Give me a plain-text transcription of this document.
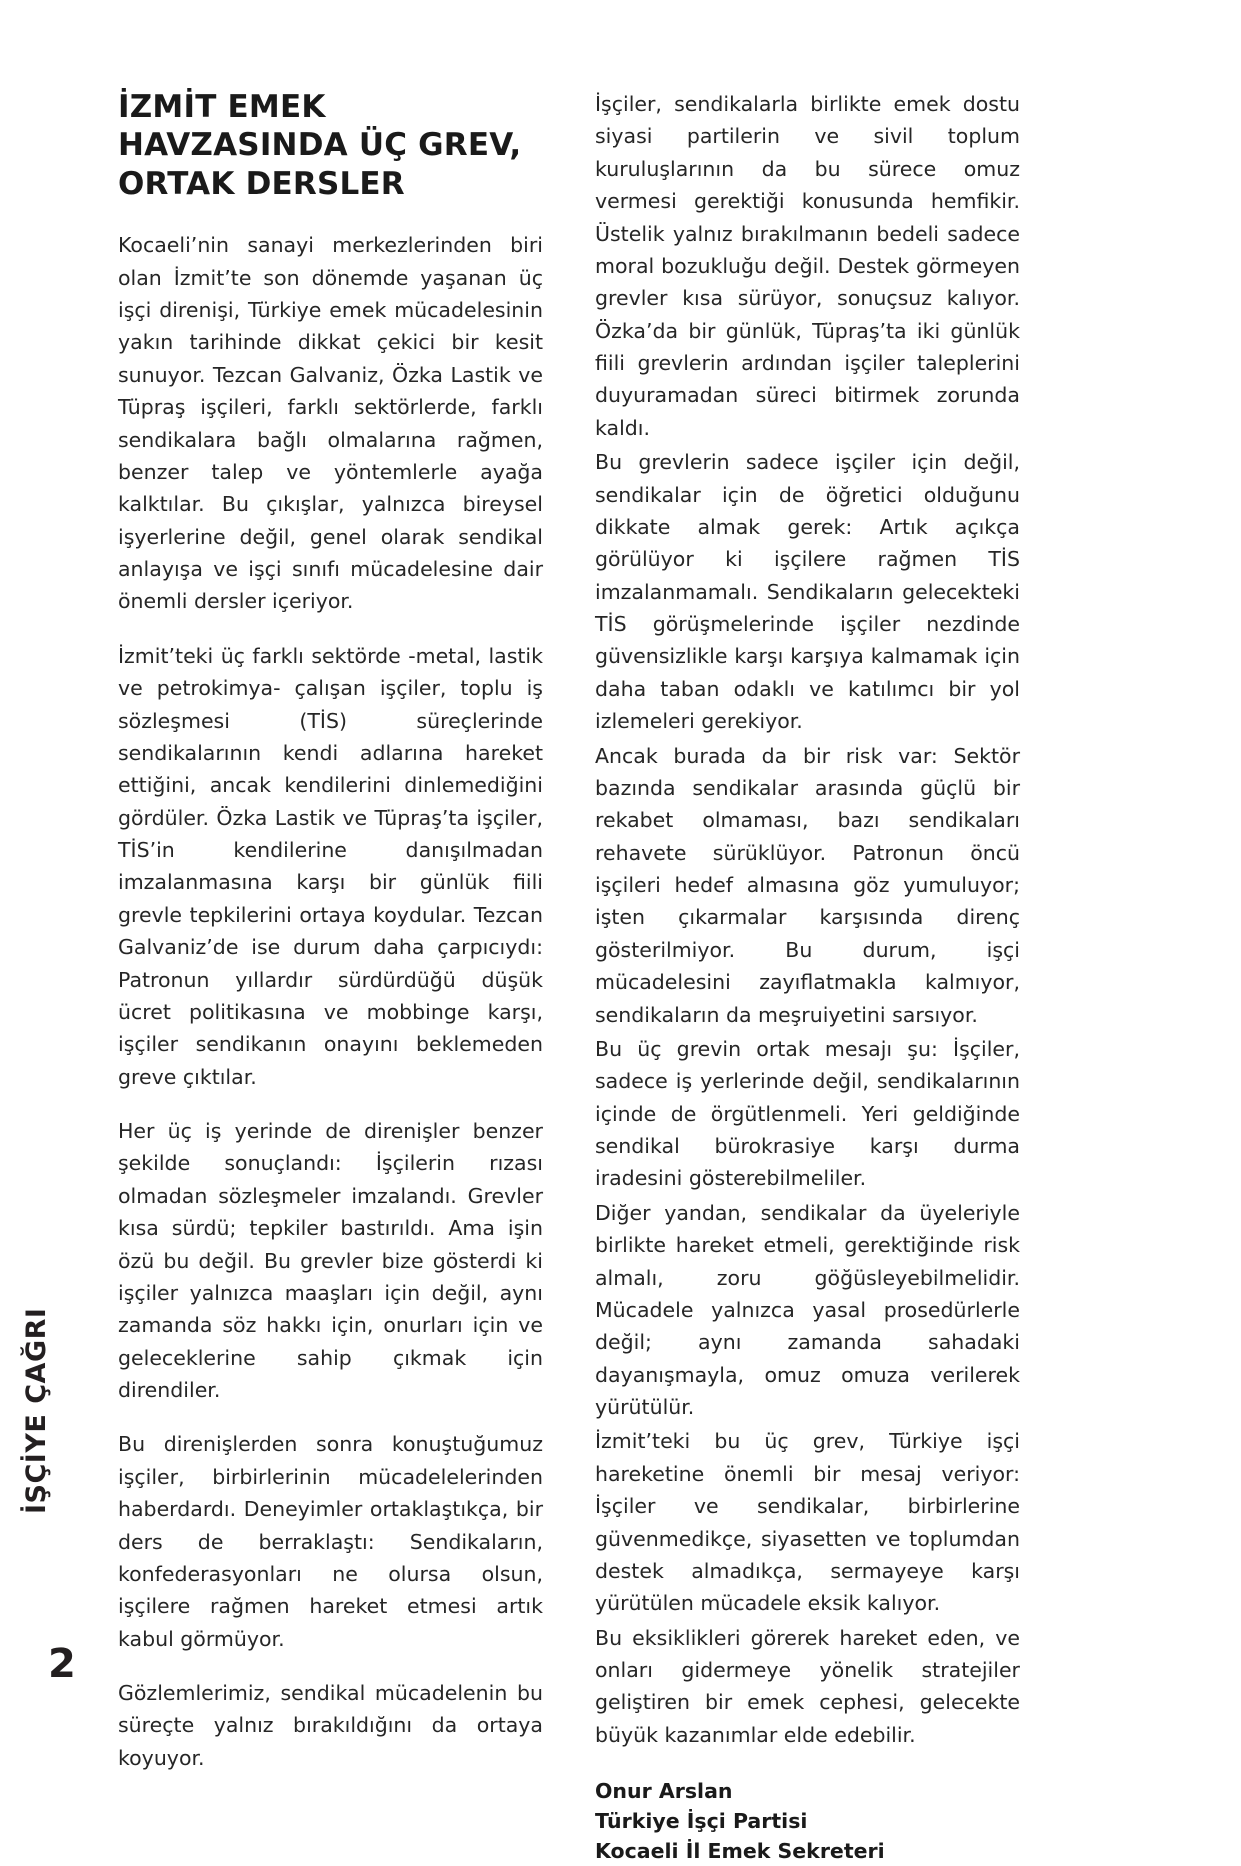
İŞÇİYE ÇAĞRI
2
İZMİT EMEK HAVZASINDA ÜÇ GREV, ORTAK DERSLER

Kocaeli’nin sanayi merkezlerinden biri olan İzmit’te son dönemde yaşanan üç işçi direnişi, Türkiye emek mücadelesinin yakın tarihinde dikkat çekici bir kesit sunuyor. Tezcan Galvaniz, Özka Lastik ve Tüpraş işçileri, farklı sektörlerde, farklı sendikalara bağlı olmalarına rağmen, benzer talep ve yöntemlerle ayağa kalktılar. Bu çıkışlar, yalnızca bireysel işyerlerine değil, genel olarak sendikal anlayışa ve işçi sınıfı mücadelesine dair önemli dersler içeriyor.

İzmit’teki üç farklı sektörde -metal, lastik ve petrokimya- çalışan işçiler, toplu iş sözleşmesi (TİS) süreçlerinde sendikalarının kendi adlarına hareket ettiğini, ancak kendilerini dinlemediğini gördüler. Özka Lastik ve Tüpraş’ta işçiler, TİS’in kendilerine danışılmadan imzalanmasına karşı bir günlük fiili grevle tepkilerini ortaya koydular. Tezcan Galvaniz’de ise durum daha çarpıcıydı: Patronun yıllardır sürdürdüğü düşük ücret politikasına ve mobbinge karşı, işçiler sendikanın onayını beklemeden greve çıktılar.

Her üç iş yerinde de direnişler benzer şekilde sonuçlandı: İşçilerin rızası olmadan sözleşmeler imzalandı. Grevler kısa sürdü; tepkiler bastırıldı. Ama işin özü bu değil. Bu grevler bize gösterdi ki işçiler yalnızca maaşları için değil, aynı zamanda söz hakkı için, onurları için ve geleceklerine sahip çıkmak için direndiler.

Bu direnişlerden sonra konuştuğumuz işçiler, birbirlerinin mücadelelerinden haberdardı. Deneyimler ortaklaştıkça, bir ders de berraklaştı: Sendikaların, konfederasyonları ne olursa olsun, işçilere rağmen hareket etmesi artık kabul görmüyor.

Gözlemlerimiz, sendikal mücadelenin bu süreçte yalnız bırakıldığını da ortaya koyuyor.

İşçiler, sendikalarla birlikte emek dostu siyasi partilerin ve sivil toplum kuruluşlarının da bu sürece omuz vermesi gerektiği konusunda hemfikir. Üstelik yalnız bırakılmanın bedeli sadece moral bozukluğu değil. Destek görmeyen grevler kısa sürüyor, sonuçsuz kalıyor. Özka’da bir günlük, Tüpraş’ta iki günlük fiili grevlerin ardından işçiler taleplerini duyuramadan süreci bitirmek zorunda kaldı.

Bu grevlerin sadece işçiler için değil, sendikalar için de öğretici olduğunu dikkate almak gerek: Artık açıkça görülüyor ki işçilere rağmen TİS imzalanmamalı. Sendikaların gelecekteki TİS görüşmelerinde işçiler nezdinde güvensizlikle karşı karşıya kalmamak için daha taban odaklı ve katılımcı bir yol izlemeleri gerekiyor.

Ancak burada da bir risk var: Sektör bazında sendikalar arasında güçlü bir rekabet olmaması, bazı sendikaları rehavete sürüklüyor. Patronun öncü işçileri hedef almasına göz yumuluyor; işten çıkarmalar karşısında direnç gösterilmiyor. Bu durum, işçi mücadelesini zayıflatmakla kalmıyor, sendikaların da meşruiyetini sarsıyor.

Bu üç grevin ortak mesajı şu: İşçiler, sadece iş yerlerinde değil, sendikalarının içinde de örgütlenmeli. Yeri geldiğinde sendikal bürokrasiye karşı durma iradesini gösterebilmeliler.

Diğer yandan, sendikalar da üyeleriyle birlikte hareket etmeli, gerektiğinde risk almalı, zoru göğüsleyebilmelidir. Mücadele yalnızca yasal prosedürlerle değil; aynı zamanda sahadaki dayanışmayla, omuz omuza verilerek yürütülür.

İzmit’teki bu üç grev, Türkiye işçi hareketine önemli bir mesaj veriyor: İşçiler ve sendikalar, birbirlerine güvenmedikçe, siyasetten ve toplumdan destek almadıkça, sermayeye karşı yürütülen mücadele eksik kalıyor.

Bu eksiklikleri görerek hareket eden, ve onları gidermeye yönelik stratejiler geliştiren bir emek cephesi, gelecekte büyük kazanımlar elde edebilir.

Onur Arslan
Türkiye İşçi Partisi
Kocaeli İl Emek Sekreteri
